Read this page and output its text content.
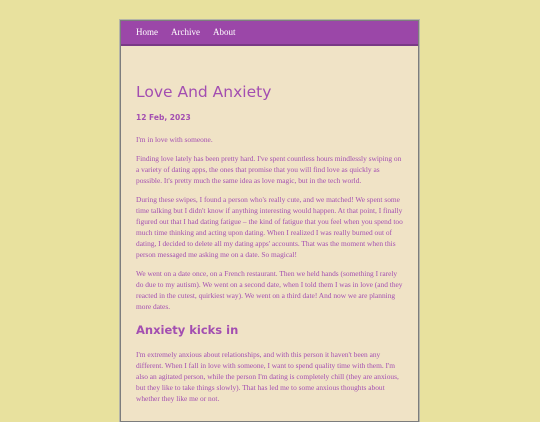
Home Archive About
Love And Anxiety
12 Feb, 2023

I'm in love with someone.

Finding love lately has been pretty hard. I've spent countless hours mindlessly swiping on a variety of dating apps, the ones that promise that you will find love as quickly as possible. It's pretty much the same idea as love magic, but in the tech world.

During these swipes, I found a person who's really cute, and we matched! We spent some time talking but I didn't know if anything interesting would happen. At that point, I finally figured out that I had dating fatigue – the kind of fatigue that you feel when you spend too much time thinking and acting upon dating. When I realized I was really burned out of dating, I decided to delete all my dating apps' accounts. That was the moment when this person messaged me asking me on a date. So magical!

We went on a date once, on a French restaurant. Then we held hands (something I rarely do due to my autism). We went on a second date, when I told them I was in love (and they reacted in the cutest, quirkiest way). We went on a third date! And now we are planning more dates.

Anxiety kicks in

I'm extremely anxious about relationships, and with this person it haven't been any different. When I fall in love with someone, I want to spend quality time with them. I'm also an agitated person, while the person I'm dating is completely chill (they are anxious, but they like to take things slowly). That has led me to some anxious thoughts about whether they like me or not.
